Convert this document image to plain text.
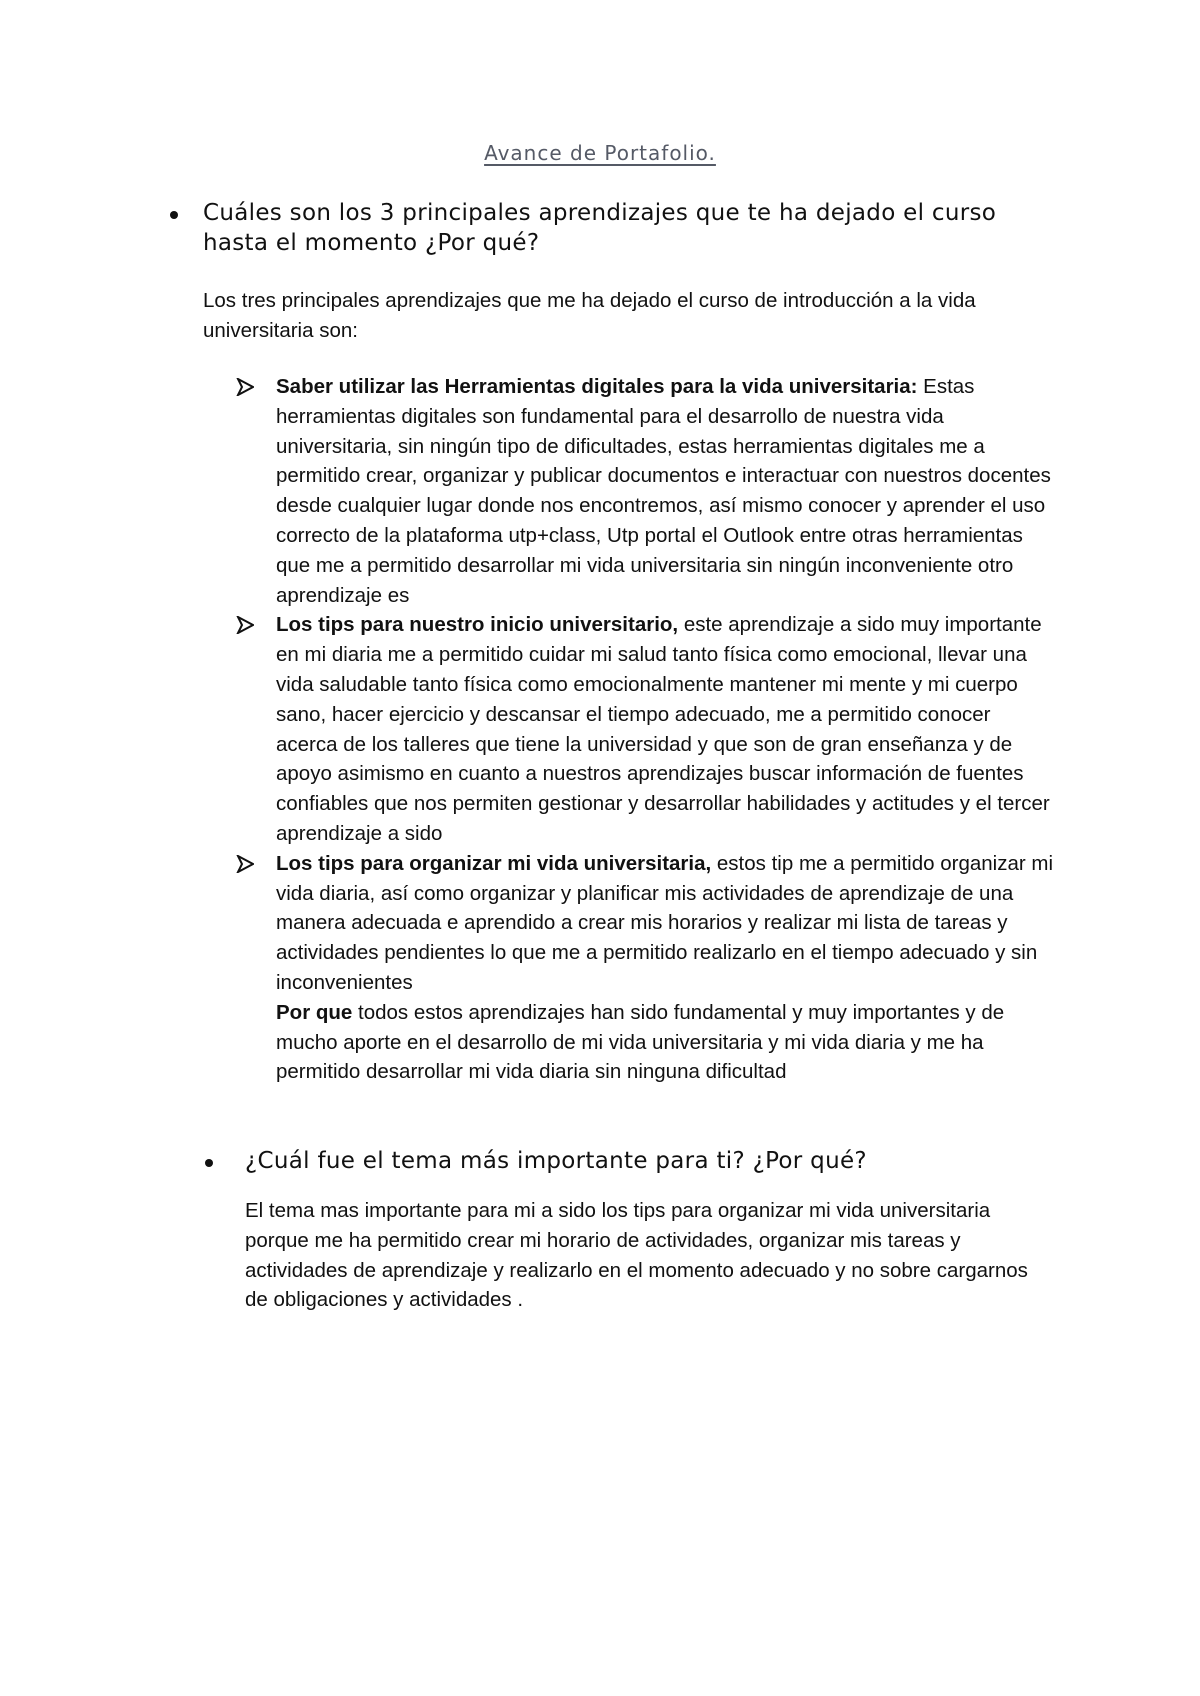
Avance de Portafolio.
Cuáles son los 3 principales aprendizajes que te ha dejado el curso hasta el momento ¿Por qué?
Los tres principales aprendizajes que me ha dejado el curso de introducción a la vida universitaria son:
Saber utilizar las Herramientas digitales para la vida universitaria: Estas herramientas digitales son fundamental para el desarrollo de nuestra vida universitaria, sin ningún tipo de dificultades, estas herramientas digitales me a permitido crear, organizar y publicar documentos e interactuar con nuestros docentes desde cualquier lugar donde nos encontremos, así mismo conocer y aprender el uso correcto de la plataforma utp+class, Utp portal el Outlook entre otras herramientas que me a permitido desarrollar mi vida universitaria sin ningún inconveniente otro aprendizaje es
Los tips para nuestro inicio universitario, este aprendizaje a sido muy importante en mi diaria me a permitido cuidar mi salud tanto física como emocional, llevar una vida saludable tanto física como emocionalmente mantener mi mente y mi cuerpo sano, hacer ejercicio y descansar el tiempo adecuado, me a permitido conocer acerca de los talleres que tiene la universidad y que son de gran enseñanza y de apoyo asimismo en cuanto a nuestros aprendizajes buscar información de fuentes confiables que nos permiten gestionar y desarrollar habilidades y actitudes y el tercer aprendizaje a sido
Los tips para organizar mi vida universitaria, estos tip me a permitido organizar mi vida diaria, así como organizar y planificar mis actividades de aprendizaje de una manera adecuada e aprendido a crear mis horarios y realizar mi lista de tareas y actividades pendientes lo que me a permitido realizarlo en el tiempo adecuado y sin inconvenientes
Por que todos estos aprendizajes han sido fundamental y muy importantes y de mucho aporte en el desarrollo de mi vida universitaria y mi vida diaria y me ha permitido desarrollar mi vida diaria sin ninguna dificultad
¿Cuál fue el tema más importante para ti? ¿Por qué?
El tema mas importante para mi a sido los tips para organizar mi vida universitaria porque me ha permitido crear mi horario de actividades, organizar mis tareas y actividades de aprendizaje y realizarlo en el momento adecuado y no sobre cargarnos de obligaciones y actividades .
